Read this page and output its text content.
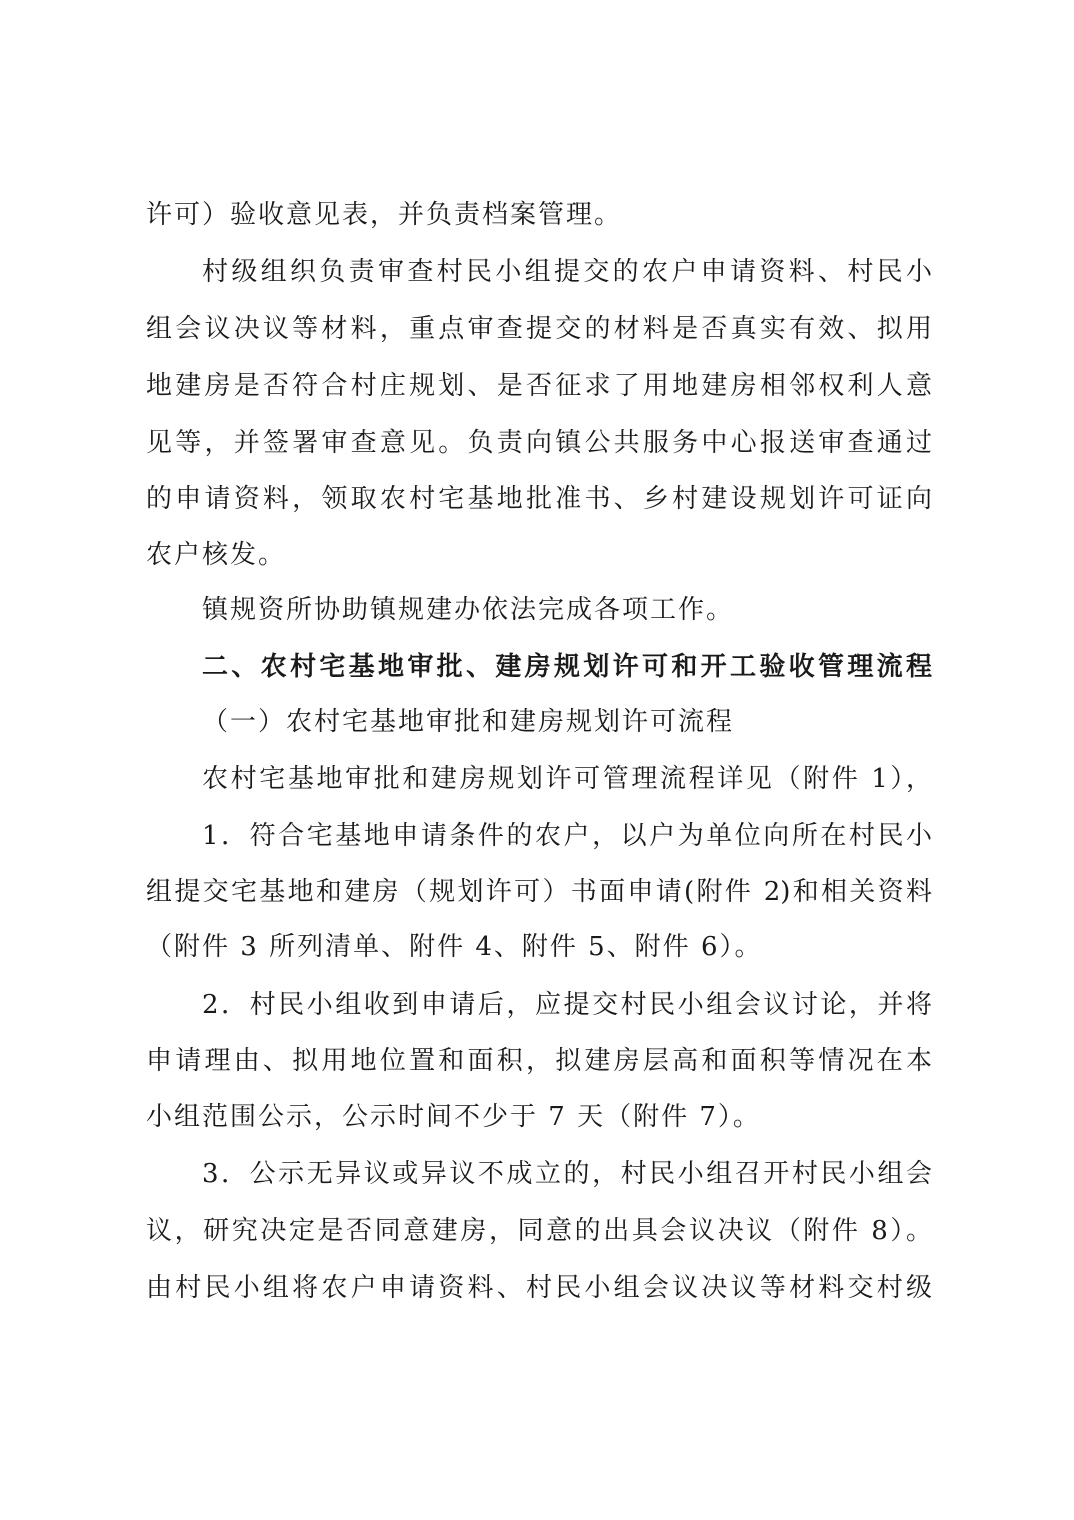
许可）验收意见表，并负责档案管理。
村级组织负责审查村民小组提交的农户申请资料、村民小
组会议决议等材料，重点审查提交的材料是否真实有效、拟用
地建房是否符合村庄规划、是否征求了用地建房相邻权利人意
见等，并签署审查意见。负责向镇公共服务中心报送审查通过
的申请资料，领取农村宅基地批准书、乡村建设规划许可证向
农户核发。
镇规资所协助镇规建办依法完成各项工作。
二、农村宅基地审批、建房规划许可和开工验收管理流程
（一）农村宅基地审批和建房规划许可流程
农村宅基地审批和建房规划许可管理流程详见（附件 1），
1．符合宅基地申请条件的农户，以户为单位向所在村民小
组提交宅基地和建房（规划许可）书面申请(附件 2)和相关资料
（附件 3 所列清单、附件 4、附件 5、附件 6）。
2．村民小组收到申请后，应提交村民小组会议讨论，并将
申请理由、拟用地位置和面积，拟建房层高和面积等情况在本
小组范围公示，公示时间不少于 7 天（附件 7）。
3．公示无异议或异议不成立的，村民小组召开村民小组会
议，研究决定是否同意建房，同意的出具会议决议（附件 8）。
由村民小组将农户申请资料、村民小组会议决议等材料交村级
